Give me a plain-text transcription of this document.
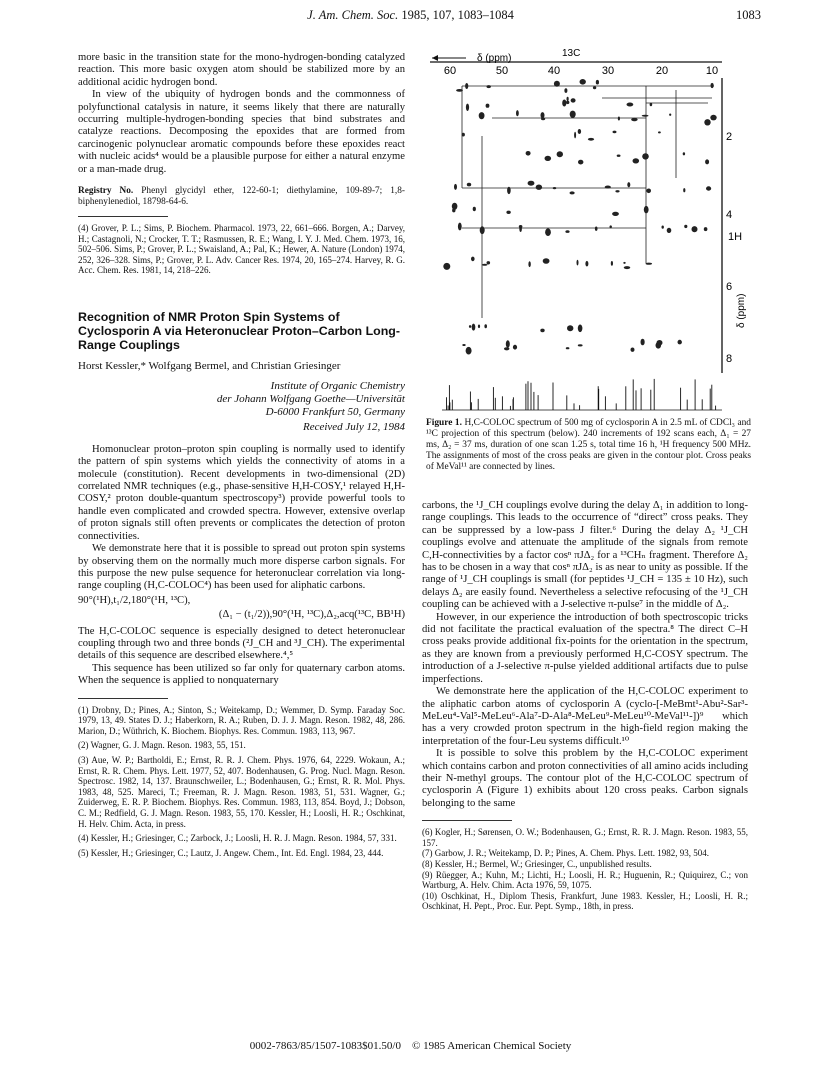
J. Am. Chem. Soc. 1985, 107, 1083–1084	1083

more basic in the transition state for the mono-hydrogen-bonding catalyzed reaction. This more basic oxygen atom should be stabilized more by an additional acidic hydrogen bond.

In view of the ubiquity of hydrogen bonds and the commonness of polyfunctional catalysis in nature, it seems likely that there are naturally occurring multiple-hydrogen-bonding species that bind substrates and catalyze reactions. Decomposing the epoxides that are formed from carcinogenic polynuclear aromatic compounds before these epoxides react with nucleic acids⁴ would be a plausible purpose for either a natural enzyme or a man-made drug.

Registry No. Phenyl glycidyl ether, 122-60-1; diethylamine, 109-89-7; 1,8-biphenylenediol, 18798-64-6.

(4) Grover, P. L.; Sims, P. Biochem. Pharmacol. 1973, 22, 661–666. Borgen, A.; Darvey, H.; Castagnoli, N.; Crocker, T. T.; Rasmussen, R. E.; Wang, I. Y. J. Med. Chem. 1973, 16, 502–506. Sims, P.; Grover, P. L.; Swaisland, A.; Pal, K.; Hewer, A. Nature (London) 1974, 252, 326–328. Sims, P.; Grover, P. L. Adv. Cancer Res. 1974, 20, 165–274. Harvey, R. G. Acc. Chem. Res. 1981, 14, 218–226.

Recognition of NMR Proton Spin Systems of Cyclosporin A via Heteronuclear Proton–Carbon Long-Range Couplings
Horst Kessler,* Wolfgang Bermel, and Christian Griesinger
Institute of Organic Chemistry
der Johann Wolfgang Goethe—Universität
D-6000 Frankfurt 50, Germany
Received July 12, 1984

Homonuclear proton–proton spin coupling is normally used to identify the pattern of spin systems which yields the connectivity of atoms in a molecule (constitution). Recent developments in two-dimensional (2D) correlated NMR techniques (e.g., phase-sensitive H,H-COSY,¹ relayed H,H-COSY,² proton double-quantum spectroscopy³) provide powerful tools to handle even complicated and crowded spectra. However, extensive overlap of proton signals still often prevents or complicates the detection of proton connectivities.

We demonstrate here that it is possible to spread out proton spin systems by observing them on the normally much more disperse carbon signals. For this purpose the new pulse sequence for heteronuclear correlation via long-range coupling (H,C-COLOC⁴) has been used for aliphatic carbons.

90°(¹H),t₁/2,180°(¹H, ¹³C),

(Δ₁ − (t₁/2)),90°(¹H, ¹³C),Δ₂,acq(¹³C, BB¹H)

The H,C-COLOC sequence is especially designed to detect heteronuclear coupling through two and three bonds (²J_CH and ³J_CH). The experimental details of this sequence are described elsewhere.⁴,⁵

This sequence has been utilized so far only for quaternary carbon atoms. When the sequence is applied to nonquaternary

(1) Drobny, D.; Pines, A.; Sinton, S.; Weitekamp, D.; Wemmer, D. Symp. Faraday Soc. 1979, 13, 49. States D. J.; Haberkorn, R. A.; Ruben, D. J. J. Magn. Reson. 1982, 48, 286. Marion, D.; Wüthrich, K. Biochem. Biophys. Res. Commun. 1983, 113, 967.

(2) Wagner, G. J. Magn. Reson. 1983, 55, 151.

(3) Aue, W. P.; Bartholdi, E.; Ernst, R. R. J. Chem. Phys. 1976, 64, 2229. Wokaun, A.; Ernst, R. R. Chem. Phys. Lett. 1977, 52, 407. Bodenhausen, G. Prog. Nucl. Magn. Reson. Spectrosc. 1982, 14, 137. Braunschweiler, L.; Bodenhausen, G.; Ernst, R. R. Mol. Phys. 1983, 48, 525. Mareci, T.; Freeman, R. J. Magn. Reson. 1983, 51, 531. Wagner, G.; Zuiderweg, E. R. P. Biochem. Biophys. Res. Commun. 1983, 113, 854. Boyd, J.; Dobson, C. M.; Redfield, G. J. Magn. Reson. 1983, 55, 170. Kessler, H.; Loosli, H. R.; Oschkinat, H. Helv. Chim. Acta, in press.

(4) Kessler, H.; Griesinger, C.; Zarbock, J.; Loosli, H. R. J. Magn. Reson. 1984, 57, 331.

(5) Kessler, H.; Griesinger, C.; Lautz, J. Angew. Chem., Int. Ed. Engl. 1984, 23, 444.

60	50	40	30	20	10
δ (ppm)	13C
2
4
6
8
1H
δ (ppm)
Figure 1. H,C-COLOC spectrum of 500 mg of cyclosporin A in 2.5 mL of CDCl₃ and ¹³C projection of this spectrum (below). 240 increments of 192 scans each, Δ₁ = 27 ms, Δ₂ = 37 ms, duration of one scan 1.25 s, total time 16 h, ¹H frequency 500 MHz. The assignments of most of the cross peaks are given in the contour plot. Cross peaks of MeVal¹¹ are connected by lines.

carbons, the ¹J_CH couplings evolve during the delay Δ₁ in addition to long-range couplings. This leads to the occurrence of “direct” cross peaks. They can be suppressed by a low-pass J filter.⁶ During the delay Δ₂ ¹J_CH couplings evolve and attenuate the amplitude of the signals from remote C,H-connectivities by a factor cosⁿ πJΔ₂ for a ¹³CHₙ fragment. Therefore Δ₂ has to be chosen in a way that cosⁿ πJΔ₂ is as near to unity as possible. If the range of ¹J_CH couplings is small (for peptides ¹J_CH = 135 ± 10 Hz), such delays Δ₂ are easily found. Nevertheless a selective refocusing of the ¹J_CH coupling can be achieved with a J-selective π-pulse⁷ in the middle of Δ₂.

However, in our experience the introduction of both spectroscopic tricks did not facilitate the practical evaluation of the spectra.⁸ The direct C–H cross peaks provide additional fix-points for the orientation in the spectrum, as they are known from a previously performed H,C-COSY spectrum. The introduction of a J-selective π-pulse yielded additional artifacts due to pulse imperfections.

We demonstrate here the application of the H,C-COLOC experiment to the aliphatic carbon atoms of cyclosporin A (cyclo-[-MeBmt¹-Abu²-Sar³-MeLeu⁴-Val⁵-MeLeu⁶-Ala⁷-D-Ala⁸-MeLeu⁹-MeLeu¹⁰-MeVal¹¹-])⁹ which has a very crowded proton spectrum in the high-field region making the interpretation of the four-Leu systems difficult.¹⁰

It is possible to solve this problem by the H,C-COLOC experiment which contains carbon and proton connectivities of all amino acids including their N-methyl groups. The contour plot of the H,C-COLOC spectrum of cyclosporin A (Figure 1) exhibits about 120 cross peaks. Carbon signals belonging to the same

(6) Kogler, H.; Sørensen, O. W.; Bodenhausen, G.; Ernst, R. R. J. Magn. Reson. 1983, 55, 157.

(7) Garbow, J. R.; Weitekamp, D. P.; Pines, A. Chem. Phys. Lett. 1982, 93, 504.

(8) Kessler, H.; Bermel, W.; Griesinger, C., unpublished results.

(9) Rüegger, A.; Kuhn, M.; Lichti, H.; Loosli, H. R.; Huguenin, R.; Quiquirez, C.; von Wartburg, A. Helv. Chim. Acta 1976, 59, 1075.

(10) Oschkinat, H., Diplom Thesis, Frankfurt, June 1983. Kessler, H.; Loosli, H. R.; Oschkinat, H. Pept., Proc. Eur. Pept. Symp., 18th, in press.

0002-7863/85/1507-1083$01.50/0 © 1985 American Chemical Society
